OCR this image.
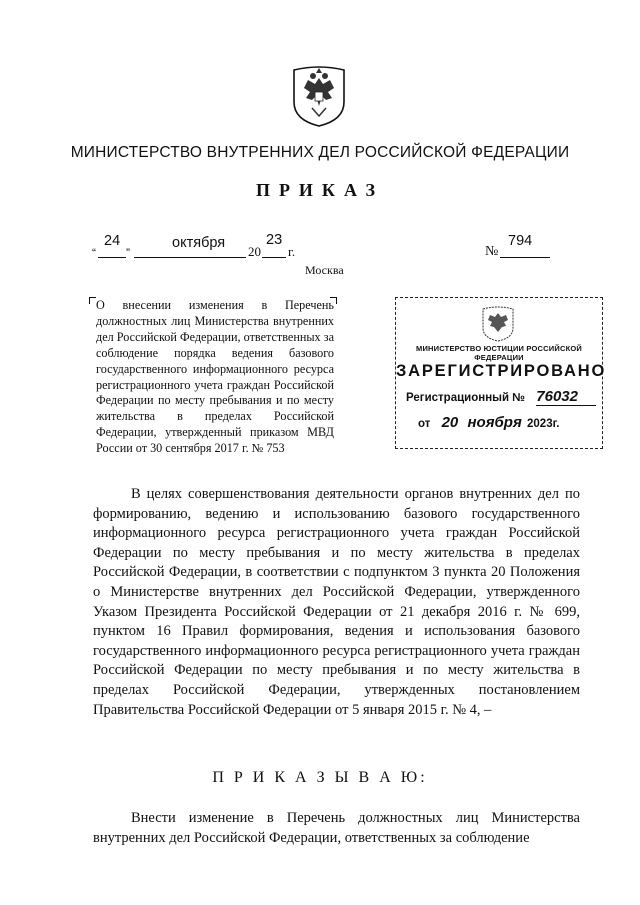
МИНИСТЕРСТВО ВНУТРЕННИХ ДЕЛ РОССИЙСКОЙ ФЕДЕРАЦИИ
ПРИКАЗ
“
24
”
октября
20
23
г.	№
794
Москва
О внесении изменения в Перечень должностных лиц Министерства внутренних дел Российской Федерации, ответственных за соблюдение порядка ведения базового государственного информационного ресурса регистрационного учета граждан Российской Федерации по месту пребывания и по месту жительства в пределах Российской Федерации, утвержденный приказом МВД России от 30 сентября 2017 г. № 753
МИНИСТЕРСТВО ЮСТИЦИИ РОССИЙСКОЙ ФЕДЕРАЦИИ
ЗАРЕГИСТРИРОВАНО
Регистрационный № 76032
от 20 ноября 2023г.
В целях совершенствования деятельности органов внутренних дел по формированию, ведению и использованию базового государственного информационного ресурса регистрационного учета граждан Российской Федерации по месту пребывания и по месту жительства в пределах Российской Федерации, в соответствии с подпунктом 3 пункта 20 Положения о Министерстве внутренних дел Российской Федерации, утвержденного Указом Президента Российской Федерации от 21 декабря 2016 г. № 699, пунктом 16 Правил формирования, ведения и использования базового государственного информационного ресурса регистрационного учета граждан Российской Федерации по месту пребывания и по месту жительства в пределах Российской Федерации, утвержденных постановлением Правительства Российской Федерации от 5 января 2015 г. № 4, –
П Р И К А З Ы В А Ю:
Внести изменение в Перечень должностных лиц Министерства внутренних дел Российской Федерации, ответственных за соблюдение
